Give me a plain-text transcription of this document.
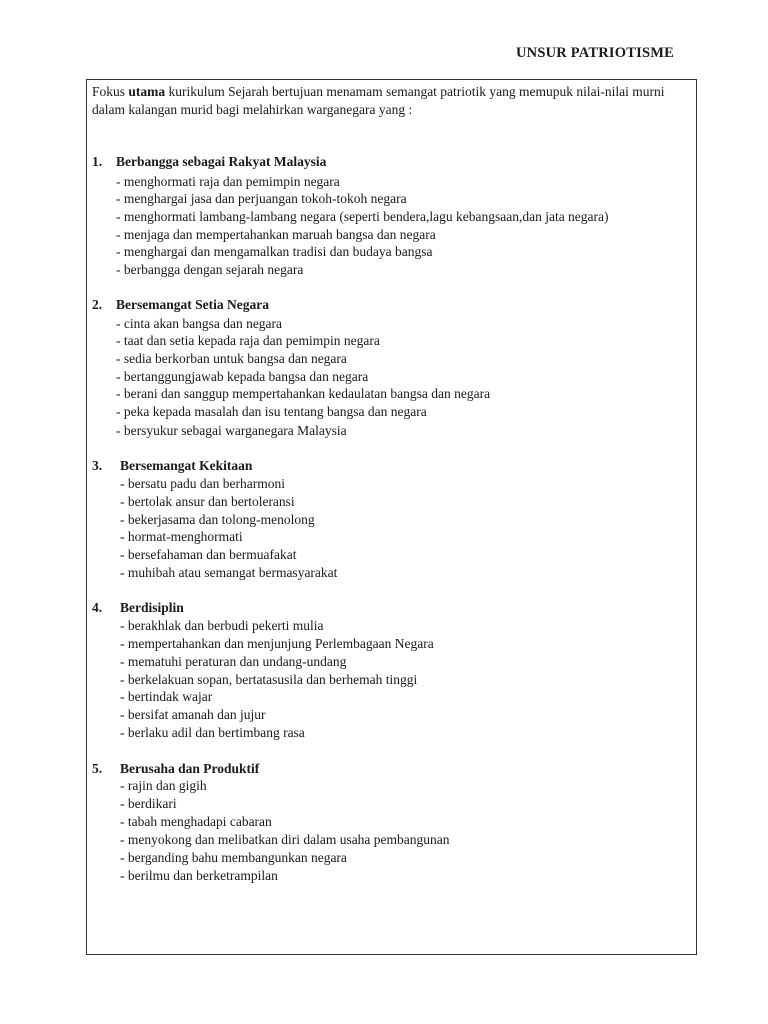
UNSUR PATRIOTISME
Fokus utama kurikulum Sejarah bertujuan menamam semangat patriotik yang memupuk nilai-nilai murni dalam kalangan murid bagi melahirkan warganegara yang :
1. Berbangga sebagai Rakyat Malaysia
- menghormati raja dan pemimpin negara
- menghargai jasa dan perjuangan tokoh-tokoh negara
- menghormati lambang-lambang negara (seperti bendera,lagu kebangsaan,dan jata negara)
- menjaga dan mempertahankan maruah bangsa dan negara
- menghargai dan mengamalkan tradisi dan budaya bangsa
- berbangga dengan sejarah negara
2. Bersemangat Setia Negara
- cinta akan bangsa dan negara
- taat dan setia kepada raja dan pemimpin negara
- sedia berkorban untuk bangsa dan negara
- bertanggungjawab kepada bangsa dan negara
- berani dan sanggup mempertahankan kedaulatan bangsa dan negara
- peka kepada masalah dan isu tentang bangsa dan negara
- bersyukur sebagai warganegara Malaysia
3. Bersemangat Kekitaan
- bersatu padu dan berharmoni
- bertolak ansur dan bertoleransi
- bekerjasama dan tolong-menolong
- hormat-menghormati
- bersefahaman dan bermuafakat
- muhibah atau semangat bermasyarakat
4. Berdisiplin
- berakhlak dan berbudi pekerti mulia
- mempertahankan dan menjunjung Perlembagaan Negara
- mematuhi peraturan dan undang-undang
- berkelakuan sopan, bertatasusila dan berhemah tinggi
- bertindak wajar
- bersifat amanah dan jujur
- berlaku adil dan bertimbang rasa
5. Berusaha dan Produktif
- rajin dan gigih
- berdikari
- tabah menghadapi cabaran
- menyokong dan melibatkan diri dalam usaha pembangunan
- berganding bahu membangunkan negara
- berilmu dan berketrampilan
